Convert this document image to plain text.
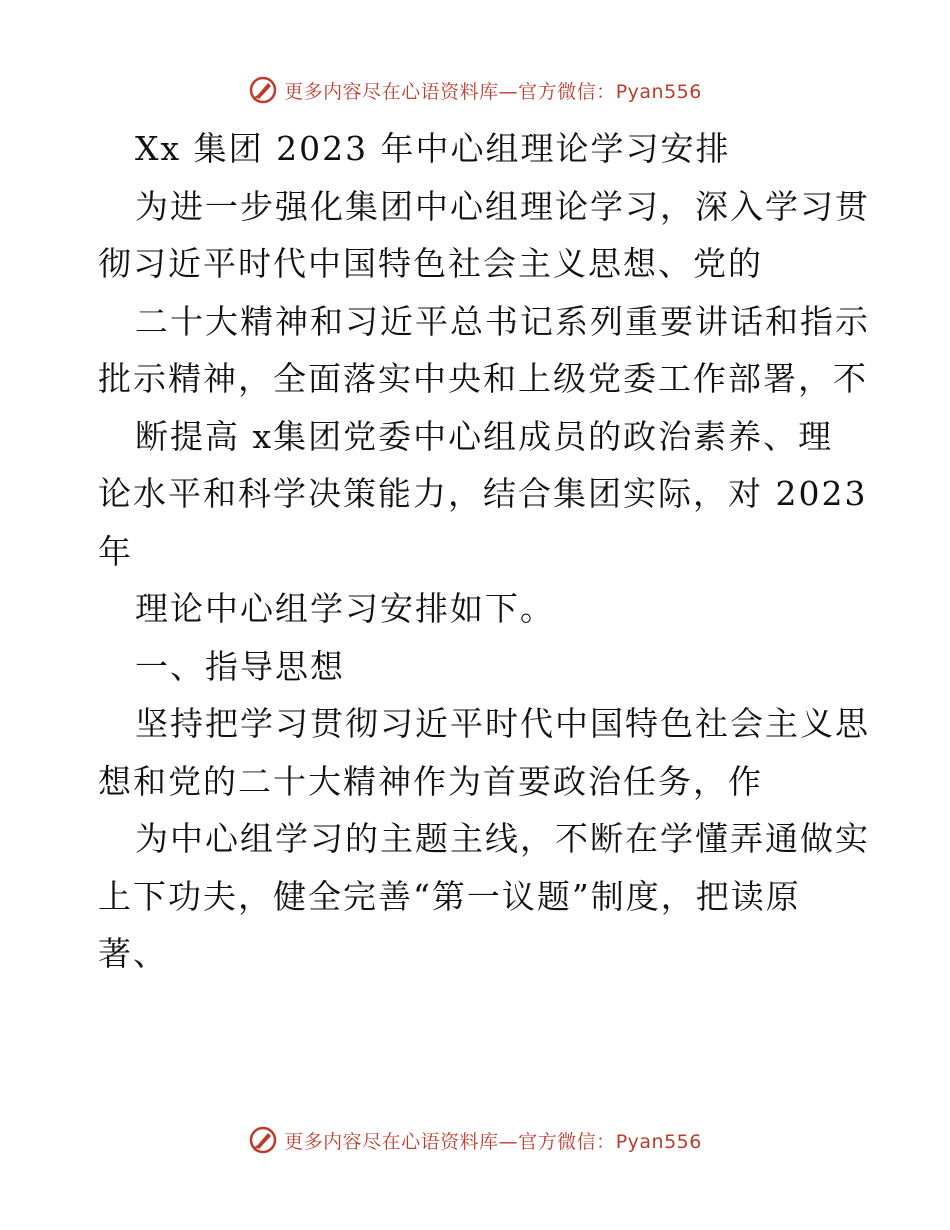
更多内容尽在心语资料库—官方微信：Pyan556
Xx 集团 2023 年中心组理论学习安排
为进一步强化集团中心组理论学习，深入学习贯
彻习近平时代中国特色社会主义思想、党的
二十大精神和习近平总书记系列重要讲话和指示
批示精神，全面落实中央和上级党委工作部署，不
断提高 x集团党委中心组成员的政治素养、理
论水平和科学决策能力，结合集团实际，对 2023
年
理论中心组学习安排如下。
一、指导思想
坚持把学习贯彻习近平时代中国特色社会主义思
想和党的二十大精神作为首要政治任务，作
为中心组学习的主题主线，不断在学懂弄通做实
上下功夫，健全完善“第一议题”制度，把读原
著、
更多内容尽在心语资料库—官方微信：Pyan556
